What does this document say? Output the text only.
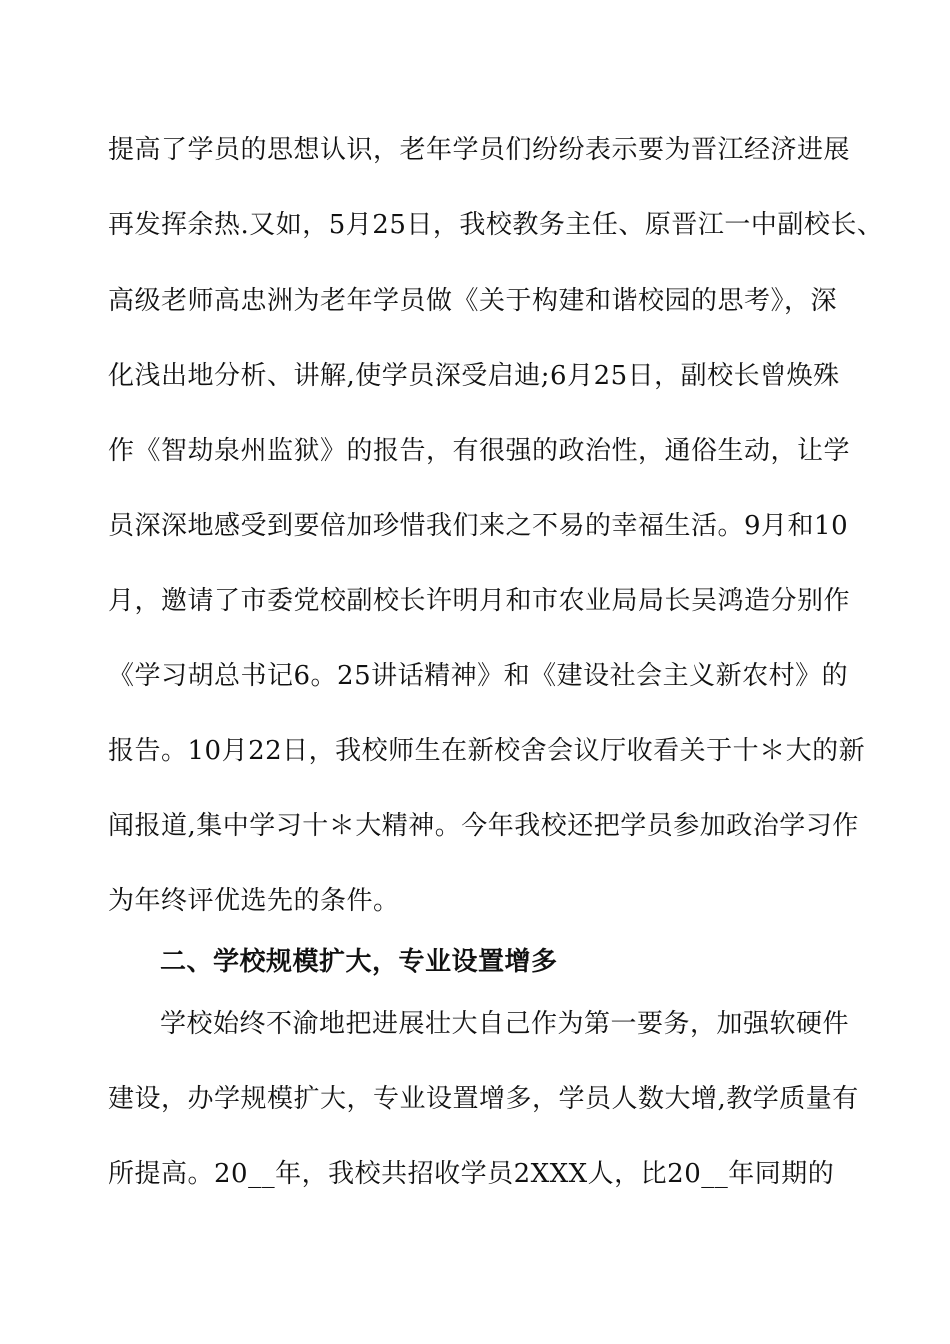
提高了学员的思想认识，老年学员们纷纷表示要为晋江经济进展
再发挥余热.又如，5月25日，我校教务主任、原晋江一中副校长、
高级老师高忠洲为老年学员做《关于构建和谐校园的思考》，深
化浅出地分析、讲解,使学员深受启迪;6月25日，副校长曾焕殊
作《智劫泉州监狱》的报告，有很强的政治性，通俗生动，让学
员深深地感受到要倍加珍惜我们来之不易的幸福生活。9月和10
月，邀请了市委党校副校长许明月和市农业局局长吴鸿造分别作
《学习胡总书记6。25讲话精神》和《建设社会主义新农村》的
报告。10月22日，我校师生在新校舍会议厅收看关于十＊大的新
闻报道,集中学习十＊大精神。今年我校还把学员参加政治学习作
为年终评优选先的条件。
二、学校规模扩大，专业设置增多
学校始终不渝地把进展壮大自己作为第一要务，加强软硬件
建设，办学规模扩大，专业设置增多，学员人数大增,教学质量有
所提高。20__年，我校共招收学员2XXX人，比20__年同期的
